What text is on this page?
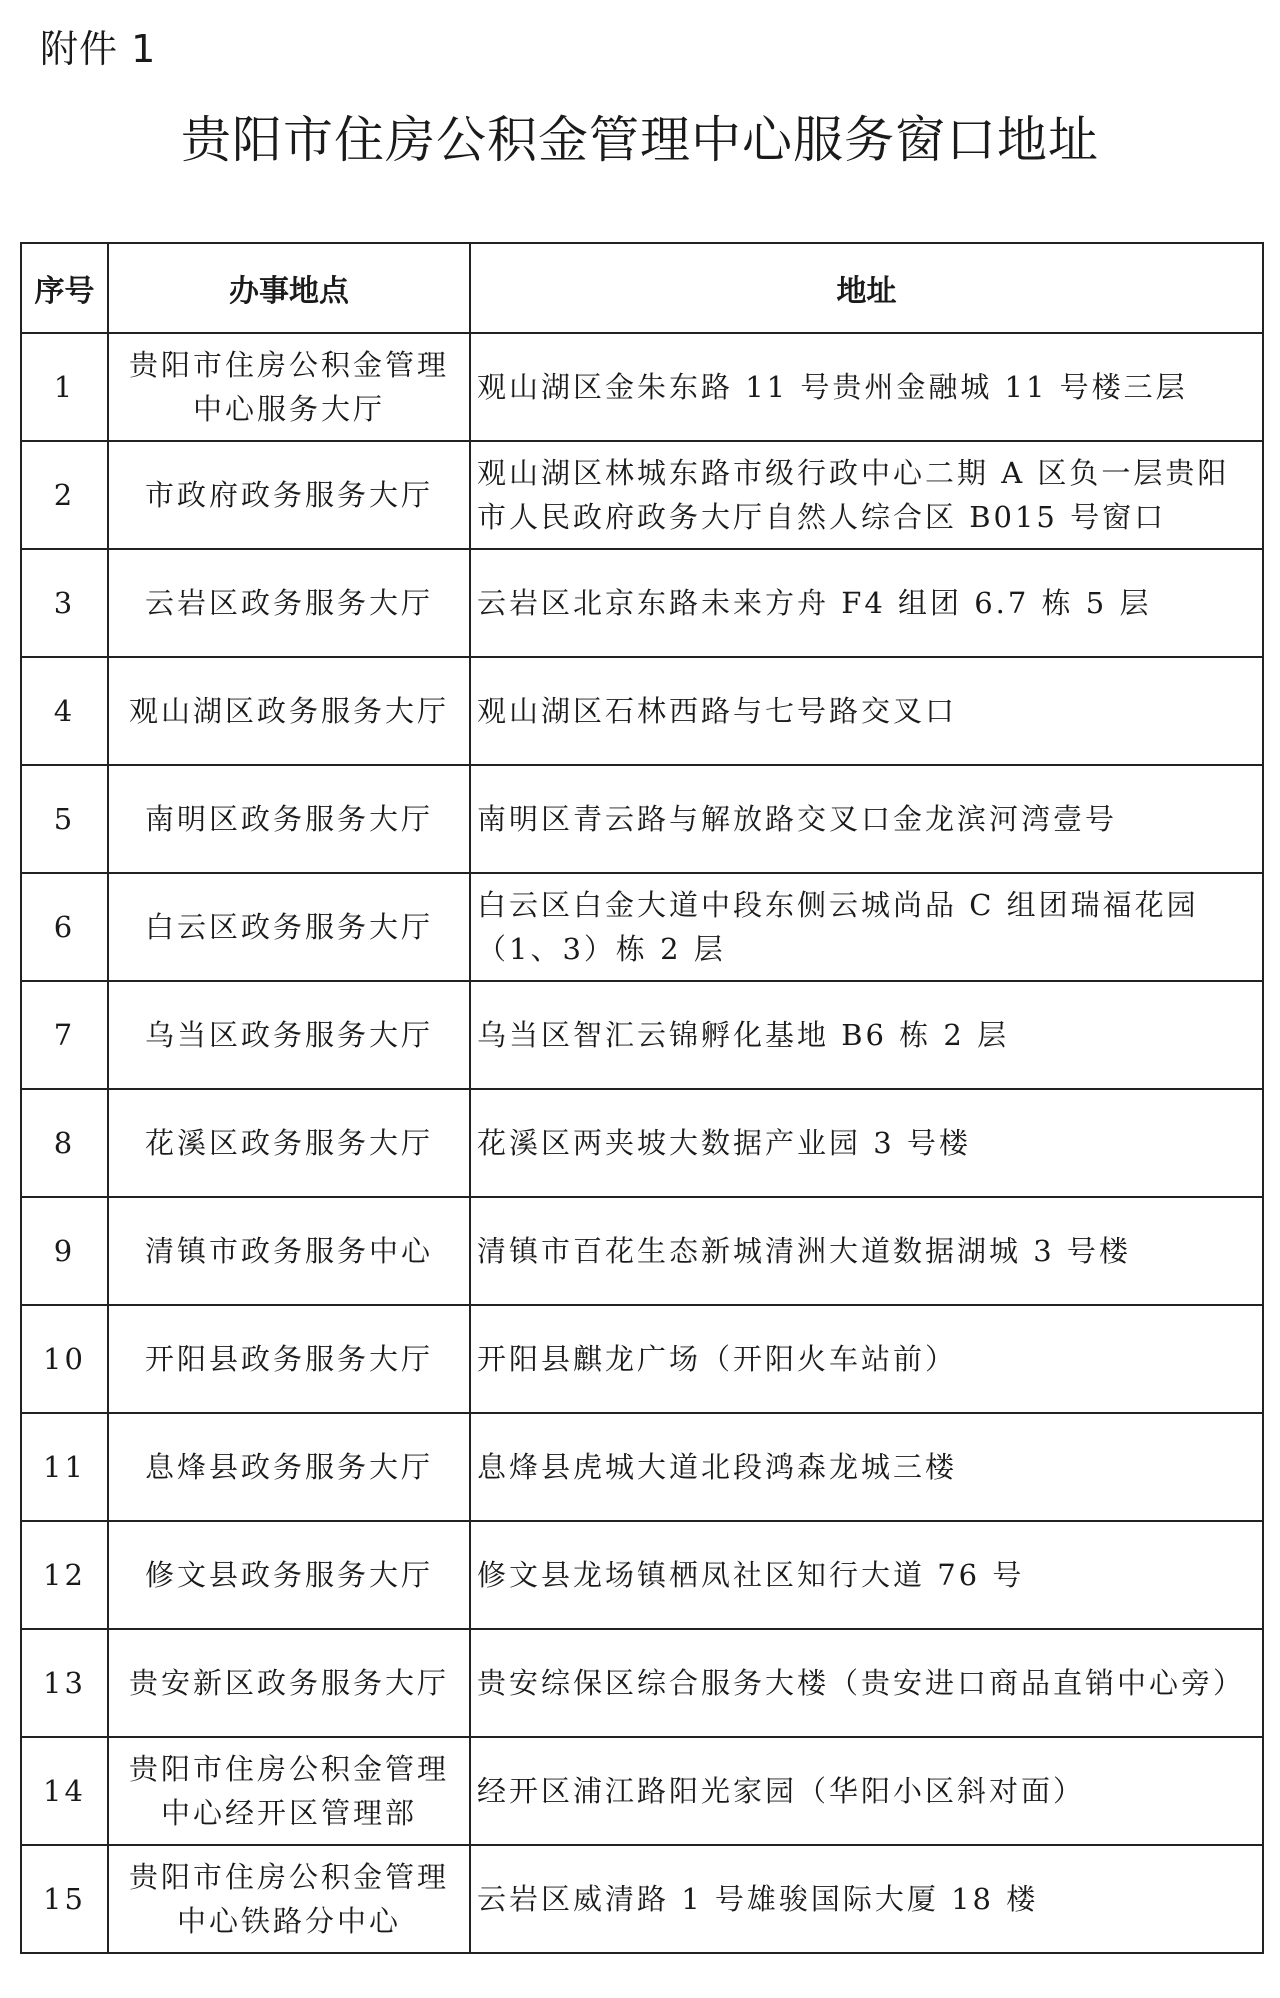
附件 1
贵阳市住房公积金管理中心服务窗口地址
序号	办事地点	地址
1	贵阳市住房公积金管理中心服务大厅	观山湖区金朱东路 11 号贵州金融城 11 号楼三层
2	市政府政务服务大厅	观山湖区林城东路市级行政中心二期 A 区负一层贵阳市人民政府政务大厅自然人综合区 B015 号窗口
3	云岩区政务服务大厅	云岩区北京东路未来方舟 F4 组团 6.7 栋 5 层
4	观山湖区政务服务大厅	观山湖区石林西路与七号路交叉口
5	南明区政务服务大厅	南明区青云路与解放路交叉口金龙滨河湾壹号
6	白云区政务服务大厅	白云区白金大道中段东侧云城尚品 C 组团瑞福花园（1、3）栋 2 层
7	乌当区政务服务大厅	乌当区智汇云锦孵化基地 B6 栋 2 层
8	花溪区政务服务大厅	花溪区两夹坡大数据产业园 3 号楼
9	清镇市政务服务中心	清镇市百花生态新城清洲大道数据湖城 3 号楼
10	开阳县政务服务大厅	开阳县麒龙广场（开阳火车站前）
11	息烽县政务服务大厅	息烽县虎城大道北段鸿森龙城三楼
12	修文县政务服务大厅	修文县龙场镇栖凤社区知行大道 76 号
13	贵安新区政务服务大厅	贵安综保区综合服务大楼（贵安进口商品直销中心旁）
14	贵阳市住房公积金管理中心经开区管理部	经开区浦江路阳光家园（华阳小区斜对面）
15	贵阳市住房公积金管理中心铁路分中心	云岩区威清路 1 号雄骏国际大厦 18 楼
